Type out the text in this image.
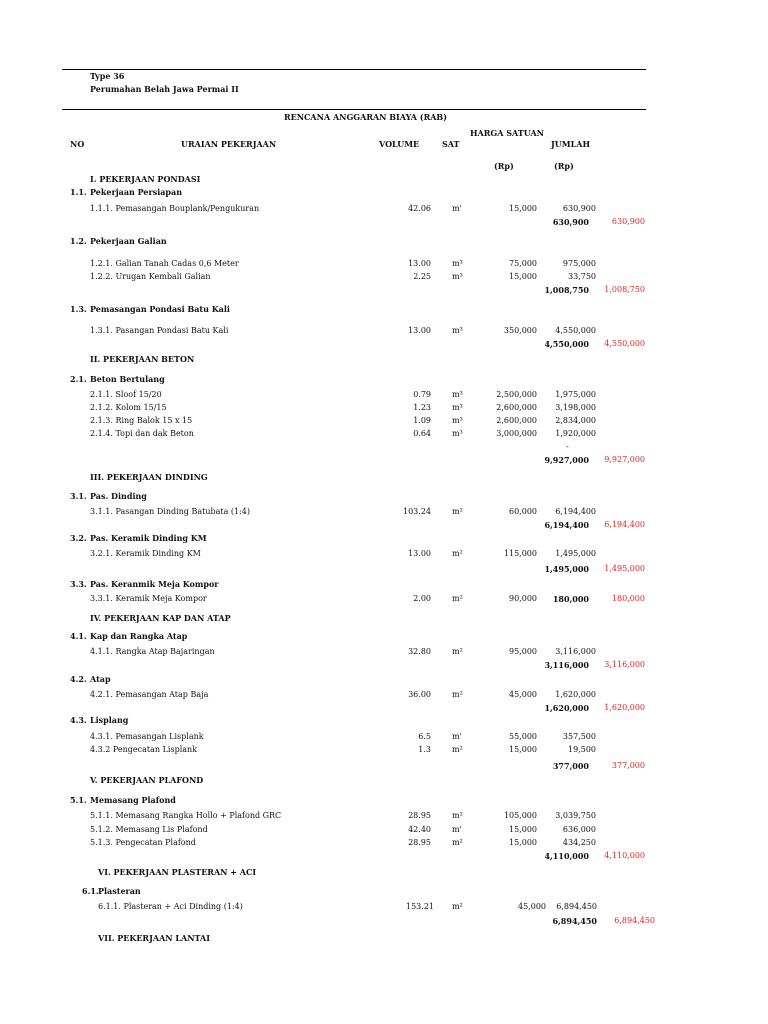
Type 36
Perumahan Belah Jawa Permai II
RENCANA ANGGARAN BIAYA (RAB)
NO	URAIAN PEKERJAAN	VOLUME	SAT
HARGA SATUAN
JUMLAH
(Rp)	(Rp)
I. PEKERJAAN PONDASI
1.1. Pekerjaan Persiapan
1.1.1. Pemasangan Bouplank/Pengukuran	42.06	m'	15,000	630,900
630,900	630,900
1.2. Pekerjaan Galian
1.2.1. Galian Tanah Cadas 0,6 Meter	13.00	m³	75,000	975,000
1.2.2. Urugan Kembali Galian	2.25	m³	15,000	33,750
1,008,750 1,008,750
1.3. Pemasangan Pondasi Batu Kali
1.3.1. Pasangan Pondasi Batu Kali	13.00	m³	350,000 4,550,000
4,550,000 4,550,000
II. PEKERJAAN BETON
2.1. Beton Bertulang
2.1.1. Sloof 15/20	0.79	m³	2,500,000 1,975,000
2.1.2. Kolom 15/15	1.23	m³	2,600,000 3,198,000
2.1.3. Ring Balok 15 x 15	1.09	m³	2,600,000 2,834,000
2.1.4. Topi dan dak Beton	0.64	m³	3,000,000 1,920,000
9,927,000 9,927,000
III. PEKERJAAN DINDING
3.1. Pas. Dinding
3.1.1. Pasangan Dinding Batubata (1:4)	103.24	m²	60,000 6,194,400
6,194,400 6,194,400
3.2. Pas. Keramik Dinding KM
3.2.1. Keramik Dinding KM	13.00	m²	115,000 1,495,000
1,495,000 1,495,000
3.3. Pas. Keranmik Meja Kompor
3.3.1. Keramik Meja Kompor	2.00	m²	90,000 180,000	180,000
IV. PEKERJAAN KAP DAN ATAP
4.1. Kap dan Rangka Atap
4.1.1. Rangka Atap Bajaringan	32.80	m²	95,000 3,116,000
3,116,000 3,116,000
4.2. Atap
4.2.1. Pemasangan Atap Baja	36.00	m²	45,000 1,620,000
1,620,000 1,620,000
4.3. Lisplang
4.3.1. Pemasangan Lisplank	6.5	m'	55,000	357,500
4.3.2 Pengecatan Lisplank	1.3	m²	15,000	19,500
377,000	377,000
V. PEKERJAAN PLAFOND
5.1. Memasang Plafond
5.1.1. Memasang Rangka Hollo + Plafond GRC	28.95	m²	105,000 3,039,750
5.1.2. Memasang Lis Plafond	42.40	m'	15,000	636,000
5.1.3. Pengecatan Plafond	28.95	m²	15,000	434,250
4,110,000 4,110,000
VI. PEKERJAAN PLASTERAN + ACI
6.1. Plasteran
6.1.1. Plasteran + Aci Dinding (1:4)	153.21 m²	45,000 6,894,450
6,894,450 6,894,450
VII. PEKERJAAN LANTAI
-
